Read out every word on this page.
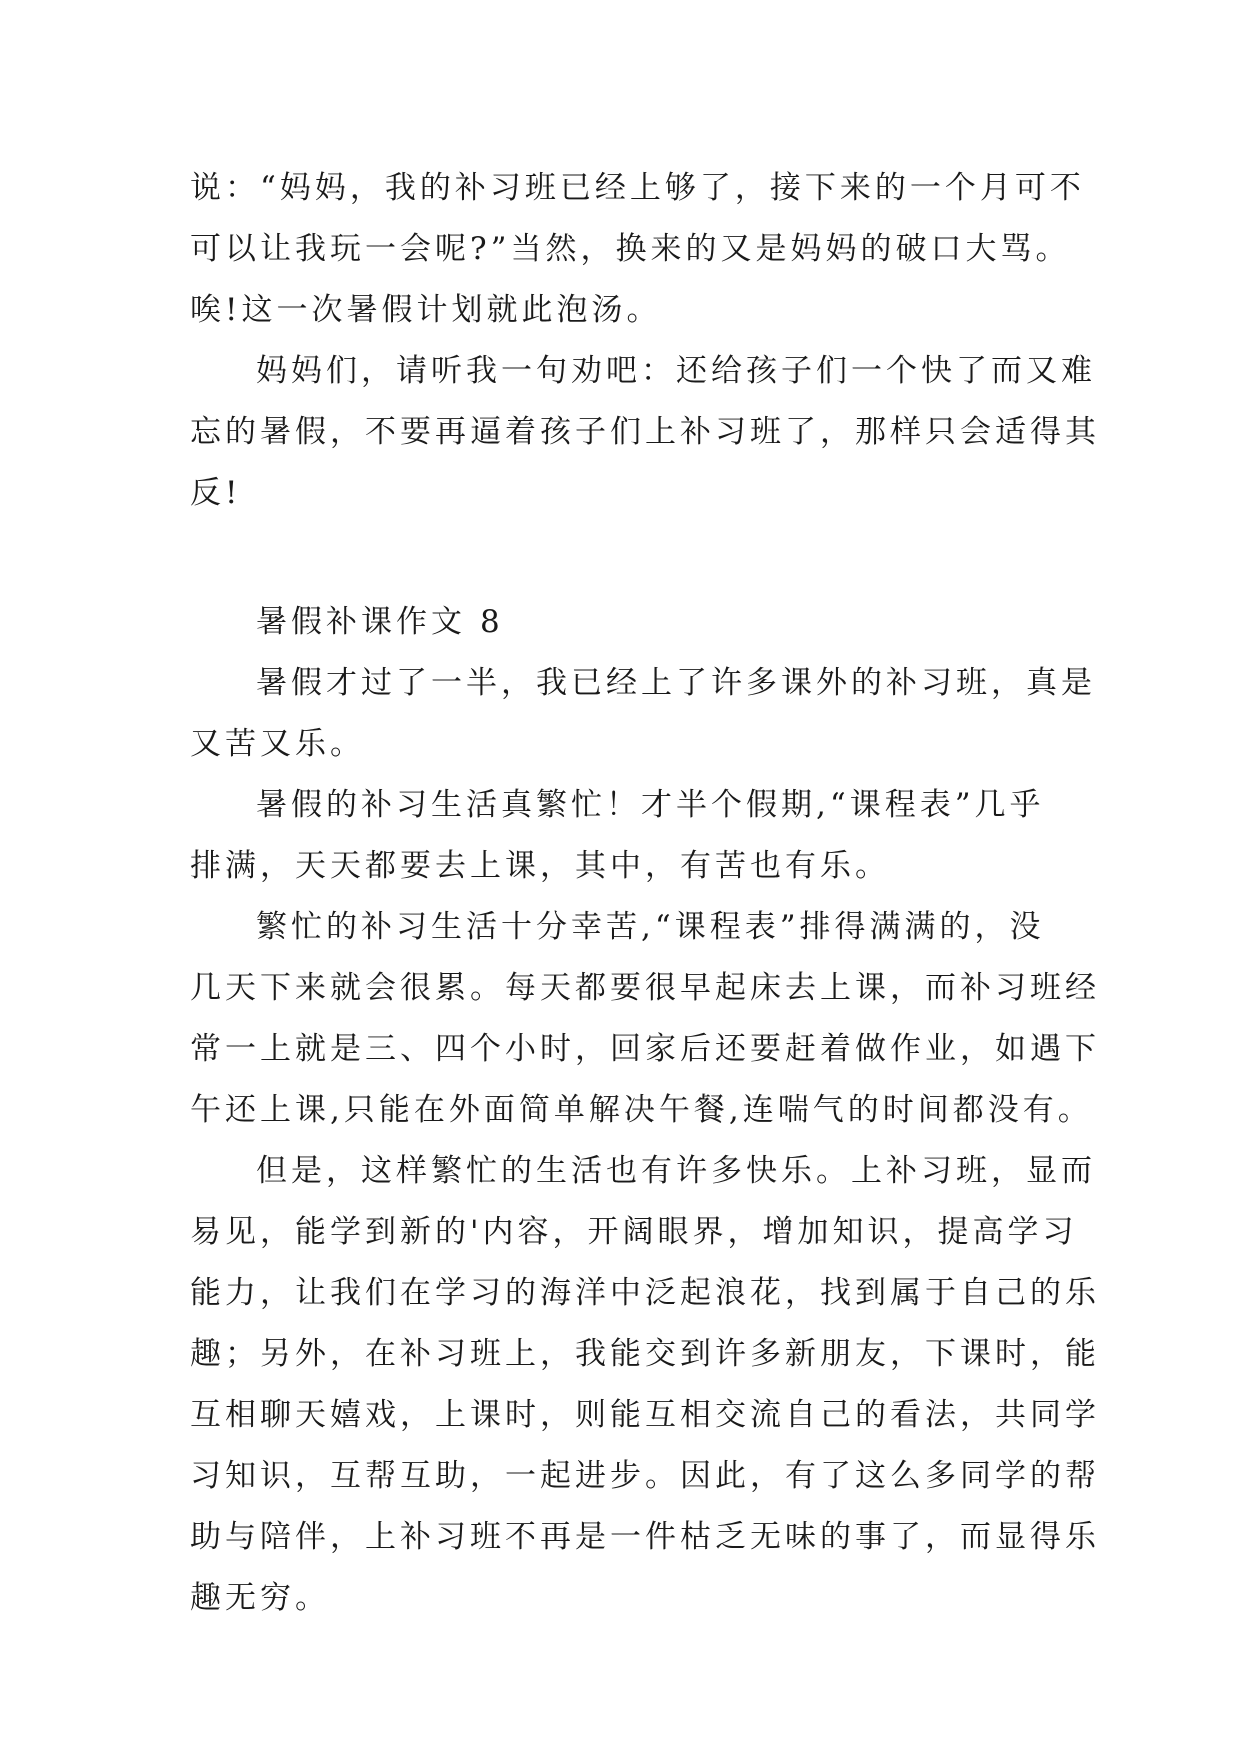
说：“妈妈，我的补习班已经上够了，接下来的一个月可不
可以让我玩一会呢?”当然，换来的又是妈妈的破口大骂。
唉!这一次暑假计划就此泡汤。
妈妈们，请听我一句劝吧：还给孩子们一个快了而又难
忘的暑假，不要再逼着孩子们上补习班了，那样只会适得其
反!
暑假补课作文 8
暑假才过了一半，我已经上了许多课外的补习班，真是
又苦又乐。
暑假的补习生活真繁忙！才半个假期,“课程表”几乎
排满，天天都要去上课，其中，有苦也有乐。
繁忙的补习生活十分幸苦,“课程表”排得满满的，没
几天下来就会很累。每天都要很早起床去上课，而补习班经
常一上就是三、四个小时，回家后还要赶着做作业，如遇下
午还上课,只能在外面简单解决午餐,连喘气的时间都没有。
但是，这样繁忙的生活也有许多快乐。上补习班，显而
易见，能学到新的'内容，开阔眼界，增加知识，提高学习
能力，让我们在学习的海洋中泛起浪花，找到属于自己的乐
趣；另外，在补习班上，我能交到许多新朋友，下课时，能
互相聊天嬉戏，上课时，则能互相交流自己的看法，共同学
习知识，互帮互助，一起进步。因此，有了这么多同学的帮
助与陪伴，上补习班不再是一件枯乏无味的事了，而显得乐
趣无穷。
